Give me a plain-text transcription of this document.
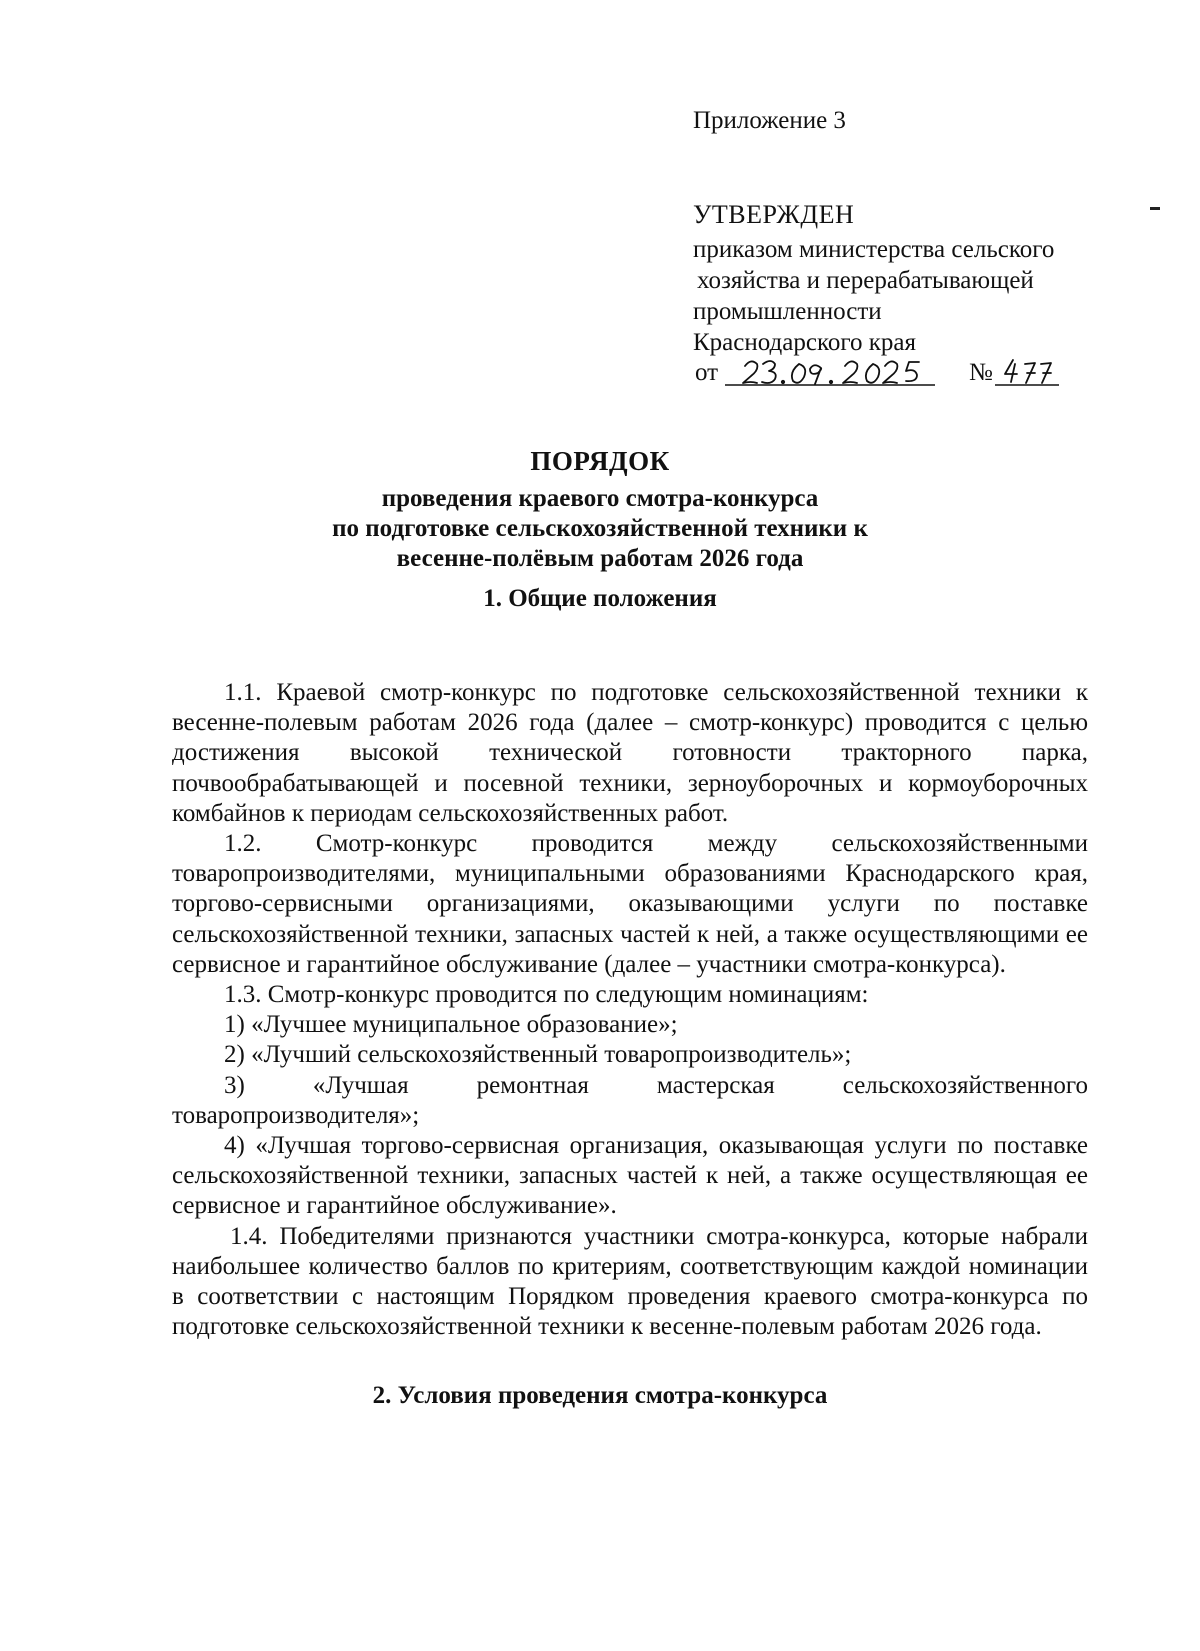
Приложение 3
УТВЕРЖДЕН
приказом министерства сельского
хозяйства и перерабатывающей
промышленности
Краснодарского края
от	№
ПОРЯДОК
проведения краевого смотра-конкурса
по подготовке сельскохозяйственной техники к
весенне-полёвым работам 2026 года
1. Общие положения

1.1. Краевой смотр-конкурс по подготовке сельскохозяйственной техники к весенне-полевым работам 2026 года (далее – смотр-конкурс) проводится с целью достижения высокой технической готовности тракторного парка, почвообрабатывающей и посевной техники, зерноуборочных и кормоуборочных комбайнов к периодам сельскохозяйственных работ.

1.2. Смотр-конкурс проводится между сельскохозяйственными товаропроизводителями, муниципальными образованиями Краснодарского края, торгово-сервисными организациями, оказывающими услуги по поставке сельскохозяйственной техники, запасных частей к ней, а также осуществляющими ее сервисное и гарантийное обслуживание (далее – участники смотра-конкурса).

1.3. Смотр-конкурс проводится по следующим номинациям:

1) «Лучшее муниципальное образование»;

2) «Лучший сельскохозяйственный товаропроизводитель»;

3) «Лучшая ремонтная мастерская сельскохозяйственного товаропроизводителя»;

4) «Лучшая торгово-сервисная организация, оказывающая услуги по поставке сельскохозяйственной техники, запасных частей к ней, а также осуществляющая ее сервисное и гарантийное обслуживание».

1.4. Победителями признаются участники смотра-конкурса, которые набрали наибольшее количество баллов по критериям, соответствующим каждой номинации в соответствии с настоящим Порядком проведения краевого смотра-конкурса по подготовке сельскохозяйственной техники к весенне-полевым работам 2026 года.

2. Условия проведения смотра-конкурса
